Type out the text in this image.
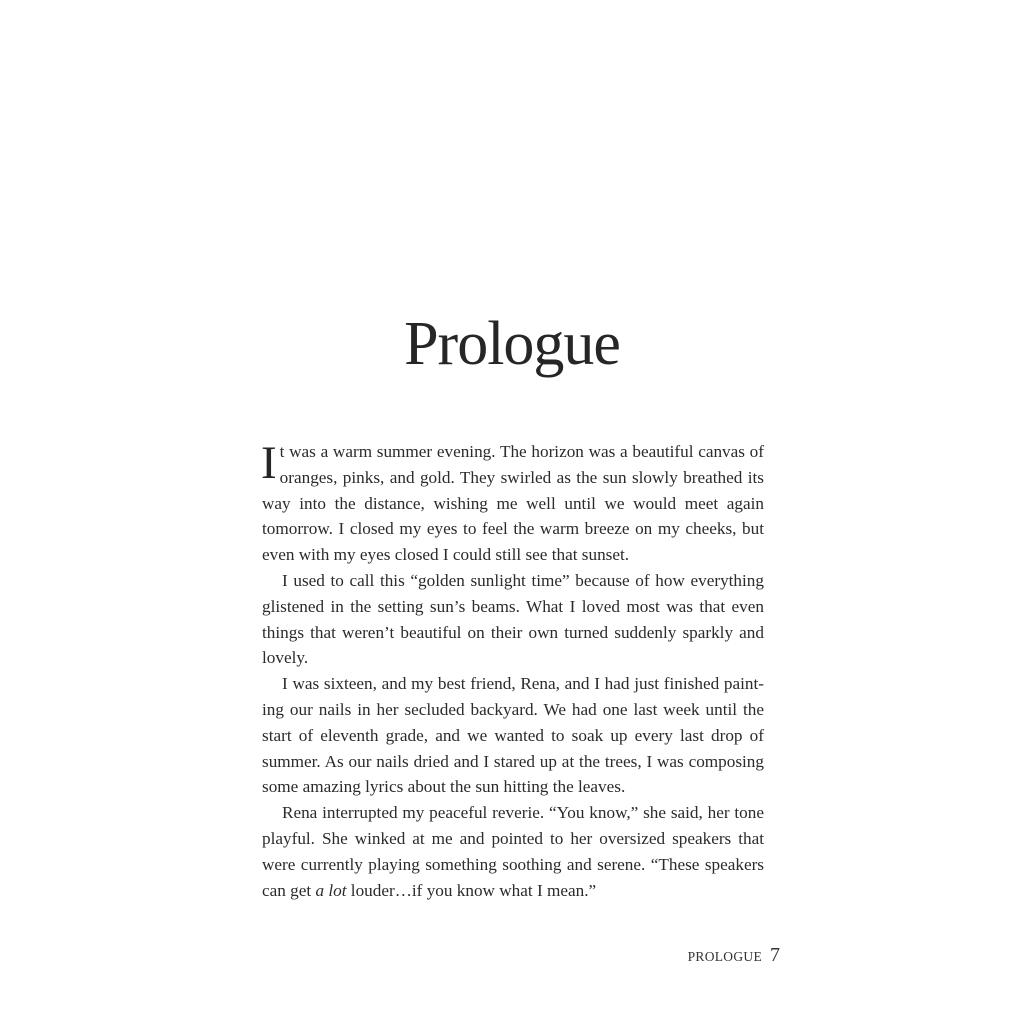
Prologue

It was a warm summer evening. The horizon was a beautiful canvas of oranges, pinks, and gold. They swirled as the sun slowly breathed its way into the distance, wishing me well until we would meet again tomorrow. I closed my eyes to feel the warm breeze on my cheeks, but even with my eyes closed I could still see that sunset.

I used to call this “golden sunlight time” because of how everything glistened in the setting sun’s beams. What I loved most was that even things that weren’t beautiful on their own turned suddenly sparkly and lovely.

I was sixteen, and my best friend, Rena, and I had just finished painting our nails in her secluded backyard. We had one last week until the start of eleventh grade, and we wanted to soak up every last drop of summer. As our nails dried and I stared up at the trees, I was composing some amazing lyrics about the sun hitting the leaves.

Rena interrupted my peaceful reverie. “You know,” she said, her tone playful. She winked at me and pointed to her oversized speakers that were currently playing something soothing and serene. “These speakers can get a lot louder…if you know what I mean.”

PROLOGUE 7
